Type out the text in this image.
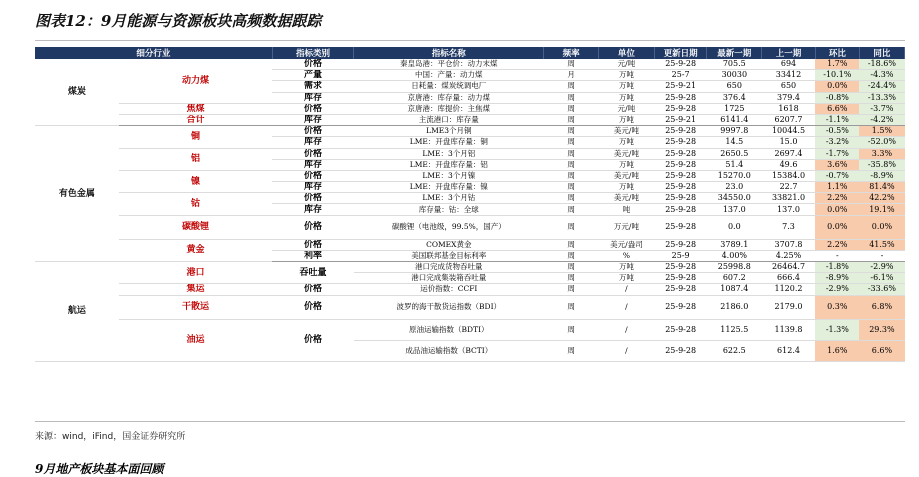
图表12：9月能源与资源板块高频数据跟踪
细分行业		指标类别	指标名称	频率	单位	更新日期	最新一期	上一期	环比	同比
煤炭	动力煤	价格	秦皇岛港：平仓价：动力末煤	周	元/吨	25-9-28	705.5	694	1.7%	-18.6%
		产量	中国：产量：动力煤	月	万吨	25-7	30030	33412	-10.1%	-4.3%
		需求	日耗量：煤炭统调电厂	周	万吨	25-9-21	650	650	0.0%	-24.4%
		库存	京唐港：库存量：动力煤	周	万吨	25-9-28	376.4	379.4	-0.8%	-13.3%
	焦煤	价格	京唐港：库提价：主焦煤	周	元/吨	25-9-28	1725	1618	6.6%	-3.7%
	合计	库存	主流港口：库存量	周	万吨	25-9-21	6141.4	6207.7	-1.1%	-4.2%
有色金属	铜	价格	LME3个月铜	周	美元/吨	25-9-28	9997.8	10044.5	-0.5%	1.5%
		库存	LME：开盘库存量：铜	周	万吨	25-9-28	14.5	15.0	-3.2%	-52.0%
	铝	价格	LME：3个月铝	周	美元/吨	25-9-28	2650.5	2697.4	-1.7%	3.3%
		库存	LME：开盘库存量：铝	周	万吨	25-9-28	51.4	49.6	3.6%	-35.8%
	镍	价格	LME：3个月镍	周	美元/吨	25-9-28	15270.0	15384.0	-0.7%	-8.9%
		库存	LME：开盘库存量：镍	周	万吨	25-9-28	23.0	22.7	1.1%	81.4%
	钴	价格	LME：3个月钴	周	美元/吨	25-9-28	34550.0	33821.0	2.2%	42.2%
		库存	库存量：钴：全球	周	吨	25-9-28	137.0	137.0	0.0%	19.1%
	碳酸锂	价格	碳酸锂（电池级，99.5%，国产）	周	万元/吨	25-9-28	0.0	7.3	0.0%	0.0%
	黄金	价格	COMEX黄金	周	美元/盎司	25-9-28	3789.1	3707.8	2.2%	41.5%
		利率	美国联邦基金目标利率	周	%	25-9	4.00%	4.25%	-	-
航运	港口	吞吐量	港口完成货物吞吐量	周	万吨	25-9-28	25998.8	26464.7	-1.8%	-2.9%
			港口完成集装箱吞吐量	周	万吨	25-9-28	607.2	666.4	-8.9%	-6.1%
	集运	价格	运价指数：CCFI	周	/	25-9-28	1087.4	1120.2	-2.9%	-33.6%
	干散运	价格	波罗的海干散货运指数（BDI）	周	/	25-9-28	2186.0	2179.0	0.3%	6.8%
	油运	价格	原油运输指数（BDTI）	周	/	25-9-28	1125.5	1139.8	-1.3%	29.3%
			成品油运输指数（BCTI）	周	/	25-9-28	622.5	612.4	1.6%	6.6%
来源：wind，iFind，国金证券研究所
9月地产板块基本面回顾
